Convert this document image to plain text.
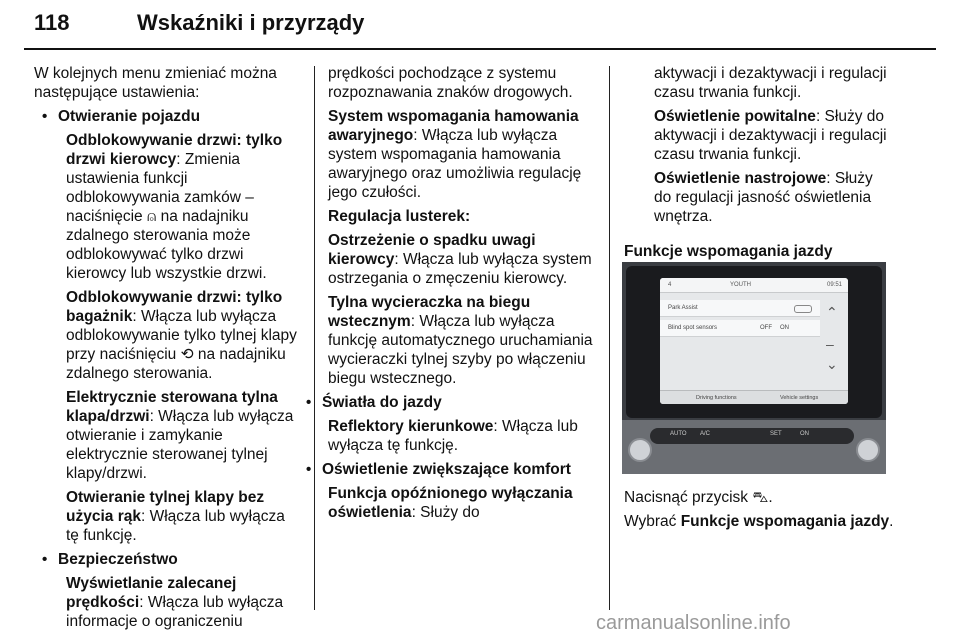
118	Wskaźniki i przyrządy

W kolejnych menu zmieniać można następujące ustawienia:

• Otwieranie pojazdu

Odblokowywanie drzwi: tylko drzwi kierowcy: Zmienia ustawienia funkcji odblokowywania zamków – naciśnięcie ⍝ na nadajniku zdalnego sterowania może odblokowywać tylko drzwi kierowcy lub wszystkie drzwi.

Odblokowywanie drzwi: tylko bagażnik: Włącza lub wyłącza odblokowywanie tylko tylnej klapy przy naciśnięciu ⟲ na nadajniku zdalnego sterowania.

Elektrycznie sterowana tylna klapa/drzwi: Włącza lub wyłącza otwieranie i zamykanie elektrycznie sterowanej tylnej klapy/drzwi.

Otwieranie tylnej klapy bez użycia rąk: Włącza lub wyłącza tę funkcję.

• Bezpieczeństwo

Wyświetlanie zalecanej prędkości: Włącza lub wyłącza informacje o ograniczeniu

prędkości pochodzące z systemu rozpoznawania znaków drogowych.

System wspomagania hamowania awaryjnego: Włącza lub wyłącza system wspomagania hamowania awaryjnego oraz umożliwia regulację jego czułości.

Regulacja lusterek:

Ostrzeżenie o spadku uwagi kierowcy: Włącza lub wyłącza system ostrzegania o zmęczeniu kierowcy.

Tylna wycieraczka na biegu wstecznym: Włącza lub wyłącza funkcję automatycznego uruchamiania wycieraczki tylnej szyby po włączeniu biegu wstecznego.

• Światła do jazdy

Reflektory kierunkowe: Włącza lub wyłącza tę funkcję.

• Oświetlenie zwiększające komfort

Funkcja opóźnionego wyłączania oświetlenia: Służy do

aktywacji i dezaktywacji i regulacji czasu trwania funkcji.

Oświetlenie powitalne: Służy do aktywacji i dezaktywacji i regulacji czasu trwania funkcji.

Oświetlenie nastrojowe: Służy do regulacji jasność oświetlenia wnętrza.

Funkcje wspomagania jazdy

4	YOUTH	09:51
Park Assist
Blind spot sensors	OFF ON
⌃
–
⌄
Driving functions	Vehicle settings
AUTO A/C	SET	ON

Nacisnąć przycisk ⛍.

Wybrać Funkcje wspomagania jazdy.

carmanualsonline.info
